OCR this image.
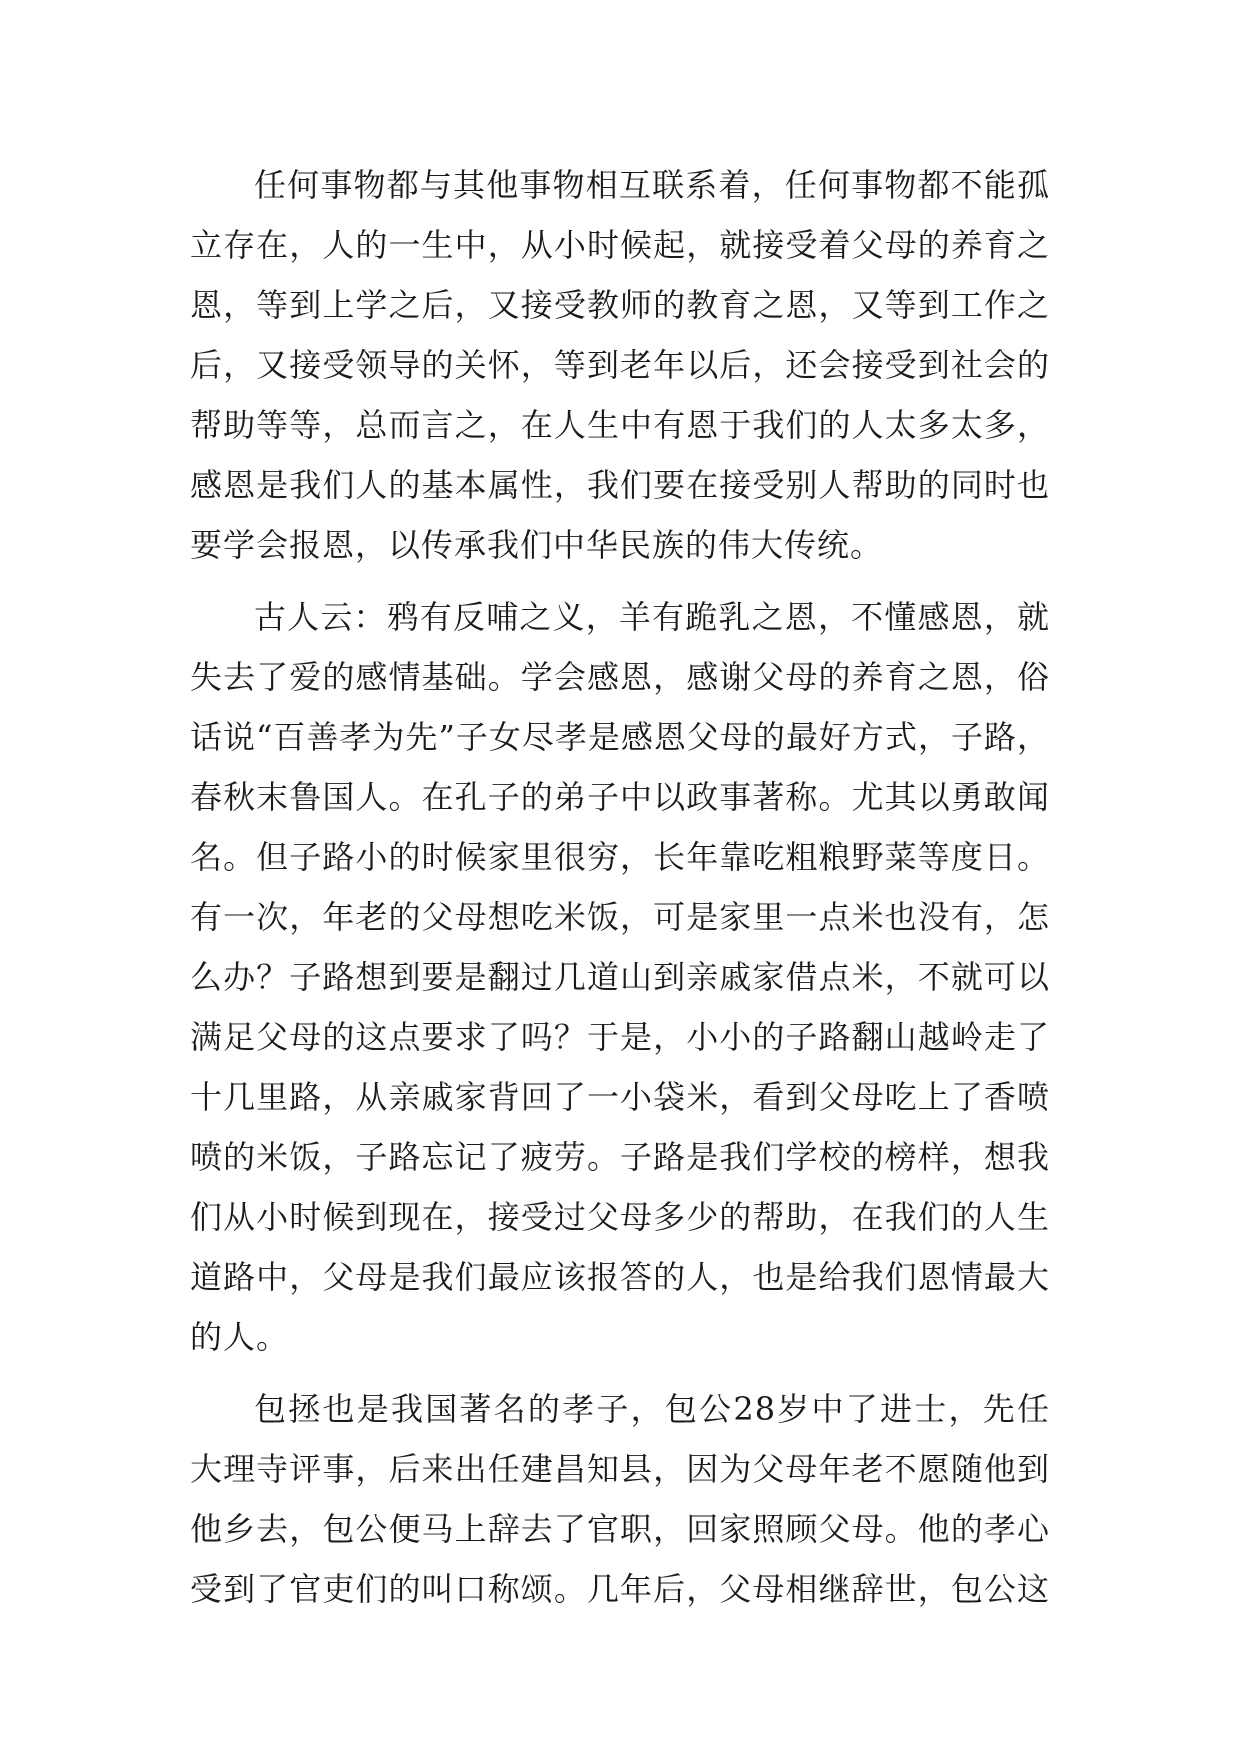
任何事物都与其他事物相互联系着，任何事物都不能孤
立存在，人的一生中，从小时候起，就接受着父母的养育之
恩，等到上学之后，又接受教师的教育之恩，又等到工作之
后，又接受领导的关怀，等到老年以后，还会接受到社会的
帮助等等，总而言之，在人生中有恩于我们的人太多太多，
感恩是我们人的基本属性，我们要在接受别人帮助的同时也
要学会报恩，以传承我们中华民族的伟大传统。
古人云：鸦有反哺之义，羊有跪乳之恩，不懂感恩，就
失去了爱的感情基础。学会感恩，感谢父母的养育之恩，俗
话说“百善孝为先”子女尽孝是感恩父母的最好方式，子路，
春秋末鲁国人。在孔子的弟子中以政事著称。尤其以勇敢闻
名。但子路小的时候家里很穷，长年靠吃粗粮野菜等度日。
有一次，年老的父母想吃米饭，可是家里一点米也没有，怎
么办？子路想到要是翻过几道山到亲戚家借点米，不就可以
满足父母的这点要求了吗？于是，小小的子路翻山越岭走了
十几里路，从亲戚家背回了一小袋米，看到父母吃上了香喷
喷的米饭，子路忘记了疲劳。子路是我们学校的榜样，想我
们从小时候到现在，接受过父母多少的帮助，在我们的人生
道路中，父母是我们最应该报答的人，也是给我们恩情最大
的人。
包拯也是我国著名的孝子，包公28岁中了进士，先任
大理寺评事，后来出任建昌知县，因为父母年老不愿随他到
他乡去，包公便马上辞去了官职，回家照顾父母。他的孝心
受到了官吏们的叫口称颂。几年后，父母相继辞世，包公这
